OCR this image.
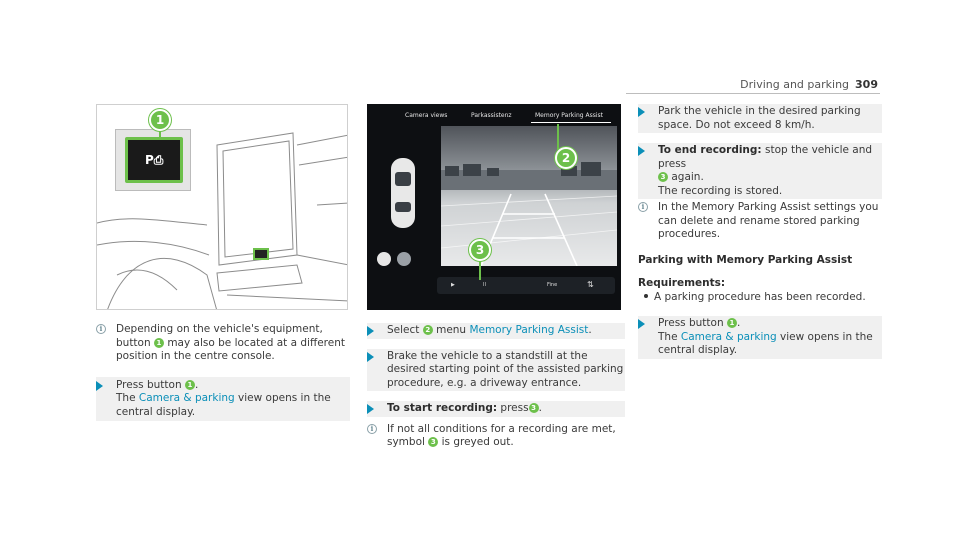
Driving and parking 309
P⎙
1	Camera views	Parkassistenz	Memory Parking Assist
▶	II	Fine	⇅
2
3
i	Depending on the vehicle's equipment, button 1 may also be located at a different position in the centre console.
Press button 1 .
The Camera & parking view opens in the central display.
Select 2 menu Memory Parking Assist.
Brake the vehicle to a standstill at the desired starting point of the assisted parking procedure, e.g. a driveway entrance.
To start recording: press 3 .
i	If not all conditions for a recording are met, symbol 3 is greyed out.
Park the vehicle in the desired parking space. Do not exceed 8 km/h.
To end recording: stop the vehicle and press
3 again.
The recording is stored.
i	In the Memory Parking Assist settings you can delete and rename stored parking procedures.
Parking with Memory Parking Assist
Requirements:
A parking procedure has been recorded.
Press button 1 .
The Camera & parking view opens in the central display.
